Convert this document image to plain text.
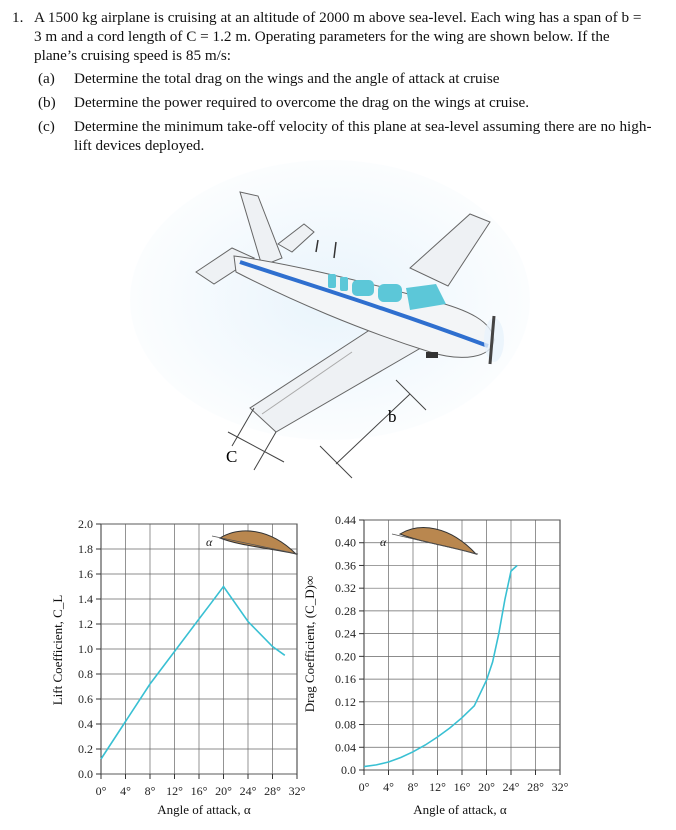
1. A 1500 kg airplane is cruising at an altitude of 2000 m above sea-level. Each wing has a span of b = 3 m and a cord length of C = 1.2 m. Operating parameters for the wing are shown below. If the plane’s cruising speed is 85 m/s:
(a) Determine the total drag on the wings and the angle of attack at cruise
(b) Determine the power required to overcome the drag on the wings at cruise.
(c) Determine the minimum take-off velocity of this plane at sea-level assuming there are no high-lift devices deployed.
C
b
0.0
0.2
0.4
0.6
0.8
1.0
1.2
1.4
1.6
1.8
2.0
0° 4° 8° 12° 16° 20° 24° 28° 32°
α
Angle of attack, α
Lift Coefficient, C_L
0.0
0.04
0.08
0.12
0.16
0.20
0.24
0.28
0.32
0.36
0.40
0.44
0° 4° 8° 12° 16° 20° 24° 28° 32°
α
Angle of attack, α
Drag Coefficient, (C_D)∞
